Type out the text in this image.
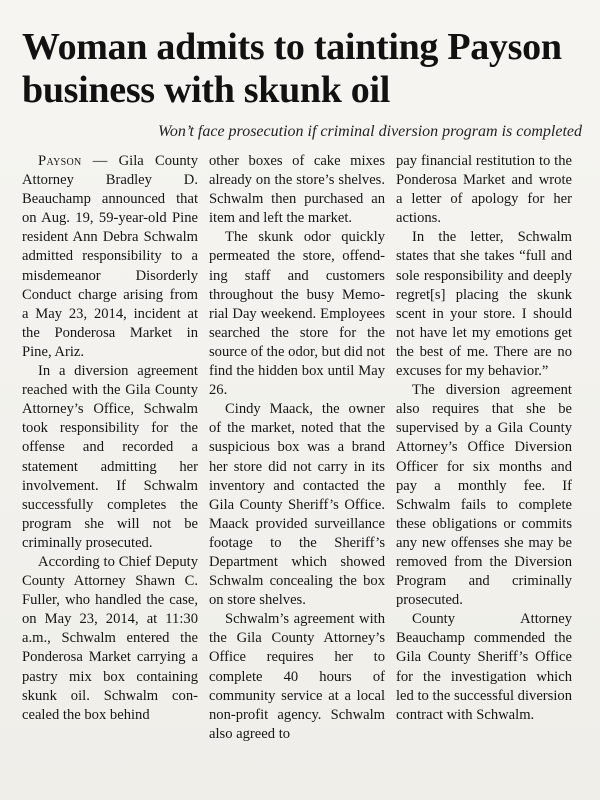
Woman admits to tainting Payson business with skunk oil
Won’t face prosecution if criminal diversion program is completed

Payson — Gila County Attorney Bradley D. Beauchamp announced that on Aug. 19, 59-year-old Pine resident Ann Debra Schwalm admitted responsibility to a misdemeanor Disorderly Conduct charge arising from a May 23, 2014, incident at the Ponderosa Market in Pine, Ariz.

In a diversion agreement reached with the Gila County Attorney’s Office, Schwalm took responsibility for the offense and recorded a statement admitting her involvement. If Schwalm successfully completes the program she will not be criminally prosecuted.

According to Chief Deputy County Attorney Shawn C. Fuller, who handled the case, on May 23, 2014, at 11:30 a.m., Schwalm entered the Ponderosa Market carrying a pastry mix box containing skunk oil. Schwalm concealed the box behind

other boxes of cake mixes already on the store’s shelves. Schwalm then purchased an item and left the market.

The skunk odor quickly permeated the store, offending staff and customers throughout the busy Memorial Day weekend. Employees searched the store for the source of the odor, but did not find the hidden box until May 26.

Cindy Maack, the owner of the market, noted that the suspicious box was a brand her store did not carry in its inventory and contacted the Gila County Sheriff’s Office. Maack provided surveillance footage to the Sheriff’s Department which showed Schwalm concealing the box on store shelves.

Schwalm’s agreement with the Gila County Attorney’s Office requires her to complete 40 hours of community service at a local non-profit agency. Schwalm also agreed to

pay financial restitution to the Ponderosa Market and wrote a letter of apology for her actions.

In the letter, Schwalm states that she takes “full and sole responsibility and deeply regret[s] placing the skunk scent in your store. I should not have let my emotions get the best of me. There are no excuses for my behavior.”

The diversion agreement also requires that she be supervised by a Gila County Attorney’s Office Diversion Officer for six months and pay a monthly fee. If Schwalm fails to complete these obligations or commits any new offenses she may be removed from the Diversion Program and criminally prosecuted.

County Attorney Beauchamp commended the Gila County Sheriff’s Office for the investigation which led to the successful diversion contract with Schwalm.
